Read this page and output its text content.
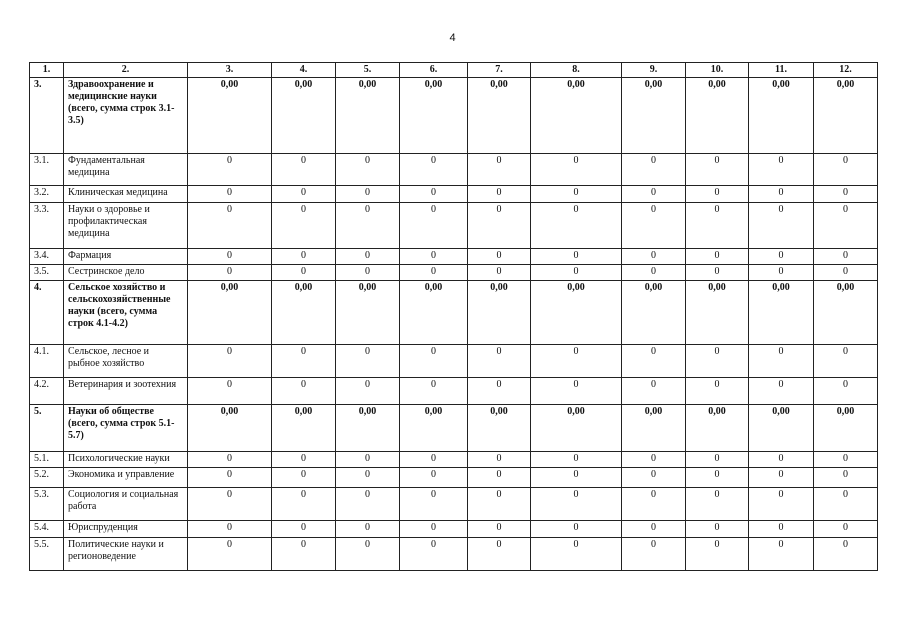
4
1.	2.	3.	4.	5.	6.	7.	8.	9.	10.	11.	12.
3.	Здравоохранение и медицинские науки (всего, сумма строк 3.1-3.5)	0,00	0,00	0,00	0,00	0,00	0,00	0,00	0,00	0,00	0,00
3.1.	Фундаментальная медицина	0	0	0	0	0	0	0	0	0	0
3.2.	Клиническая медицина	0	0	0	0	0	0	0	0	0	0
3.3.	Науки о здоровье и профилактическая медицина	0	0	0	0	0	0	0	0	0	0
3.4.	Фармация	0	0	0	0	0	0	0	0	0	0
3.5.	Сестринское дело	0	0	0	0	0	0	0	0	0	0
4.	Сельское хозяйство и сельскохозяйственные науки (всего, сумма строк 4.1-4.2)	0,00	0,00	0,00	0,00	0,00	0,00	0,00	0,00	0,00	0,00
4.1.	Сельское, лесное и рыбное хозяйство	0	0	0	0	0	0	0	0	0	0
4.2.	Ветеринария и зоотехния	0	0	0	0	0	0	0	0	0	0
5.	Науки об обществе (всего, сумма строк 5.1-5.7)	0,00	0,00	0,00	0,00	0,00	0,00	0,00	0,00	0,00	0,00
5.1.	Психологические науки	0	0	0	0	0	0	0	0	0	0
5.2.	Экономика и управление	0	0	0	0	0	0	0	0	0	0
5.3.	Социология и социальная работа	0	0	0	0	0	0	0	0	0	0
5.4.	Юриспруденция	0	0	0	0	0	0	0	0	0	0
5.5.	Политические науки и регионоведение	0	0	0	0	0	0	0	0	0	0
